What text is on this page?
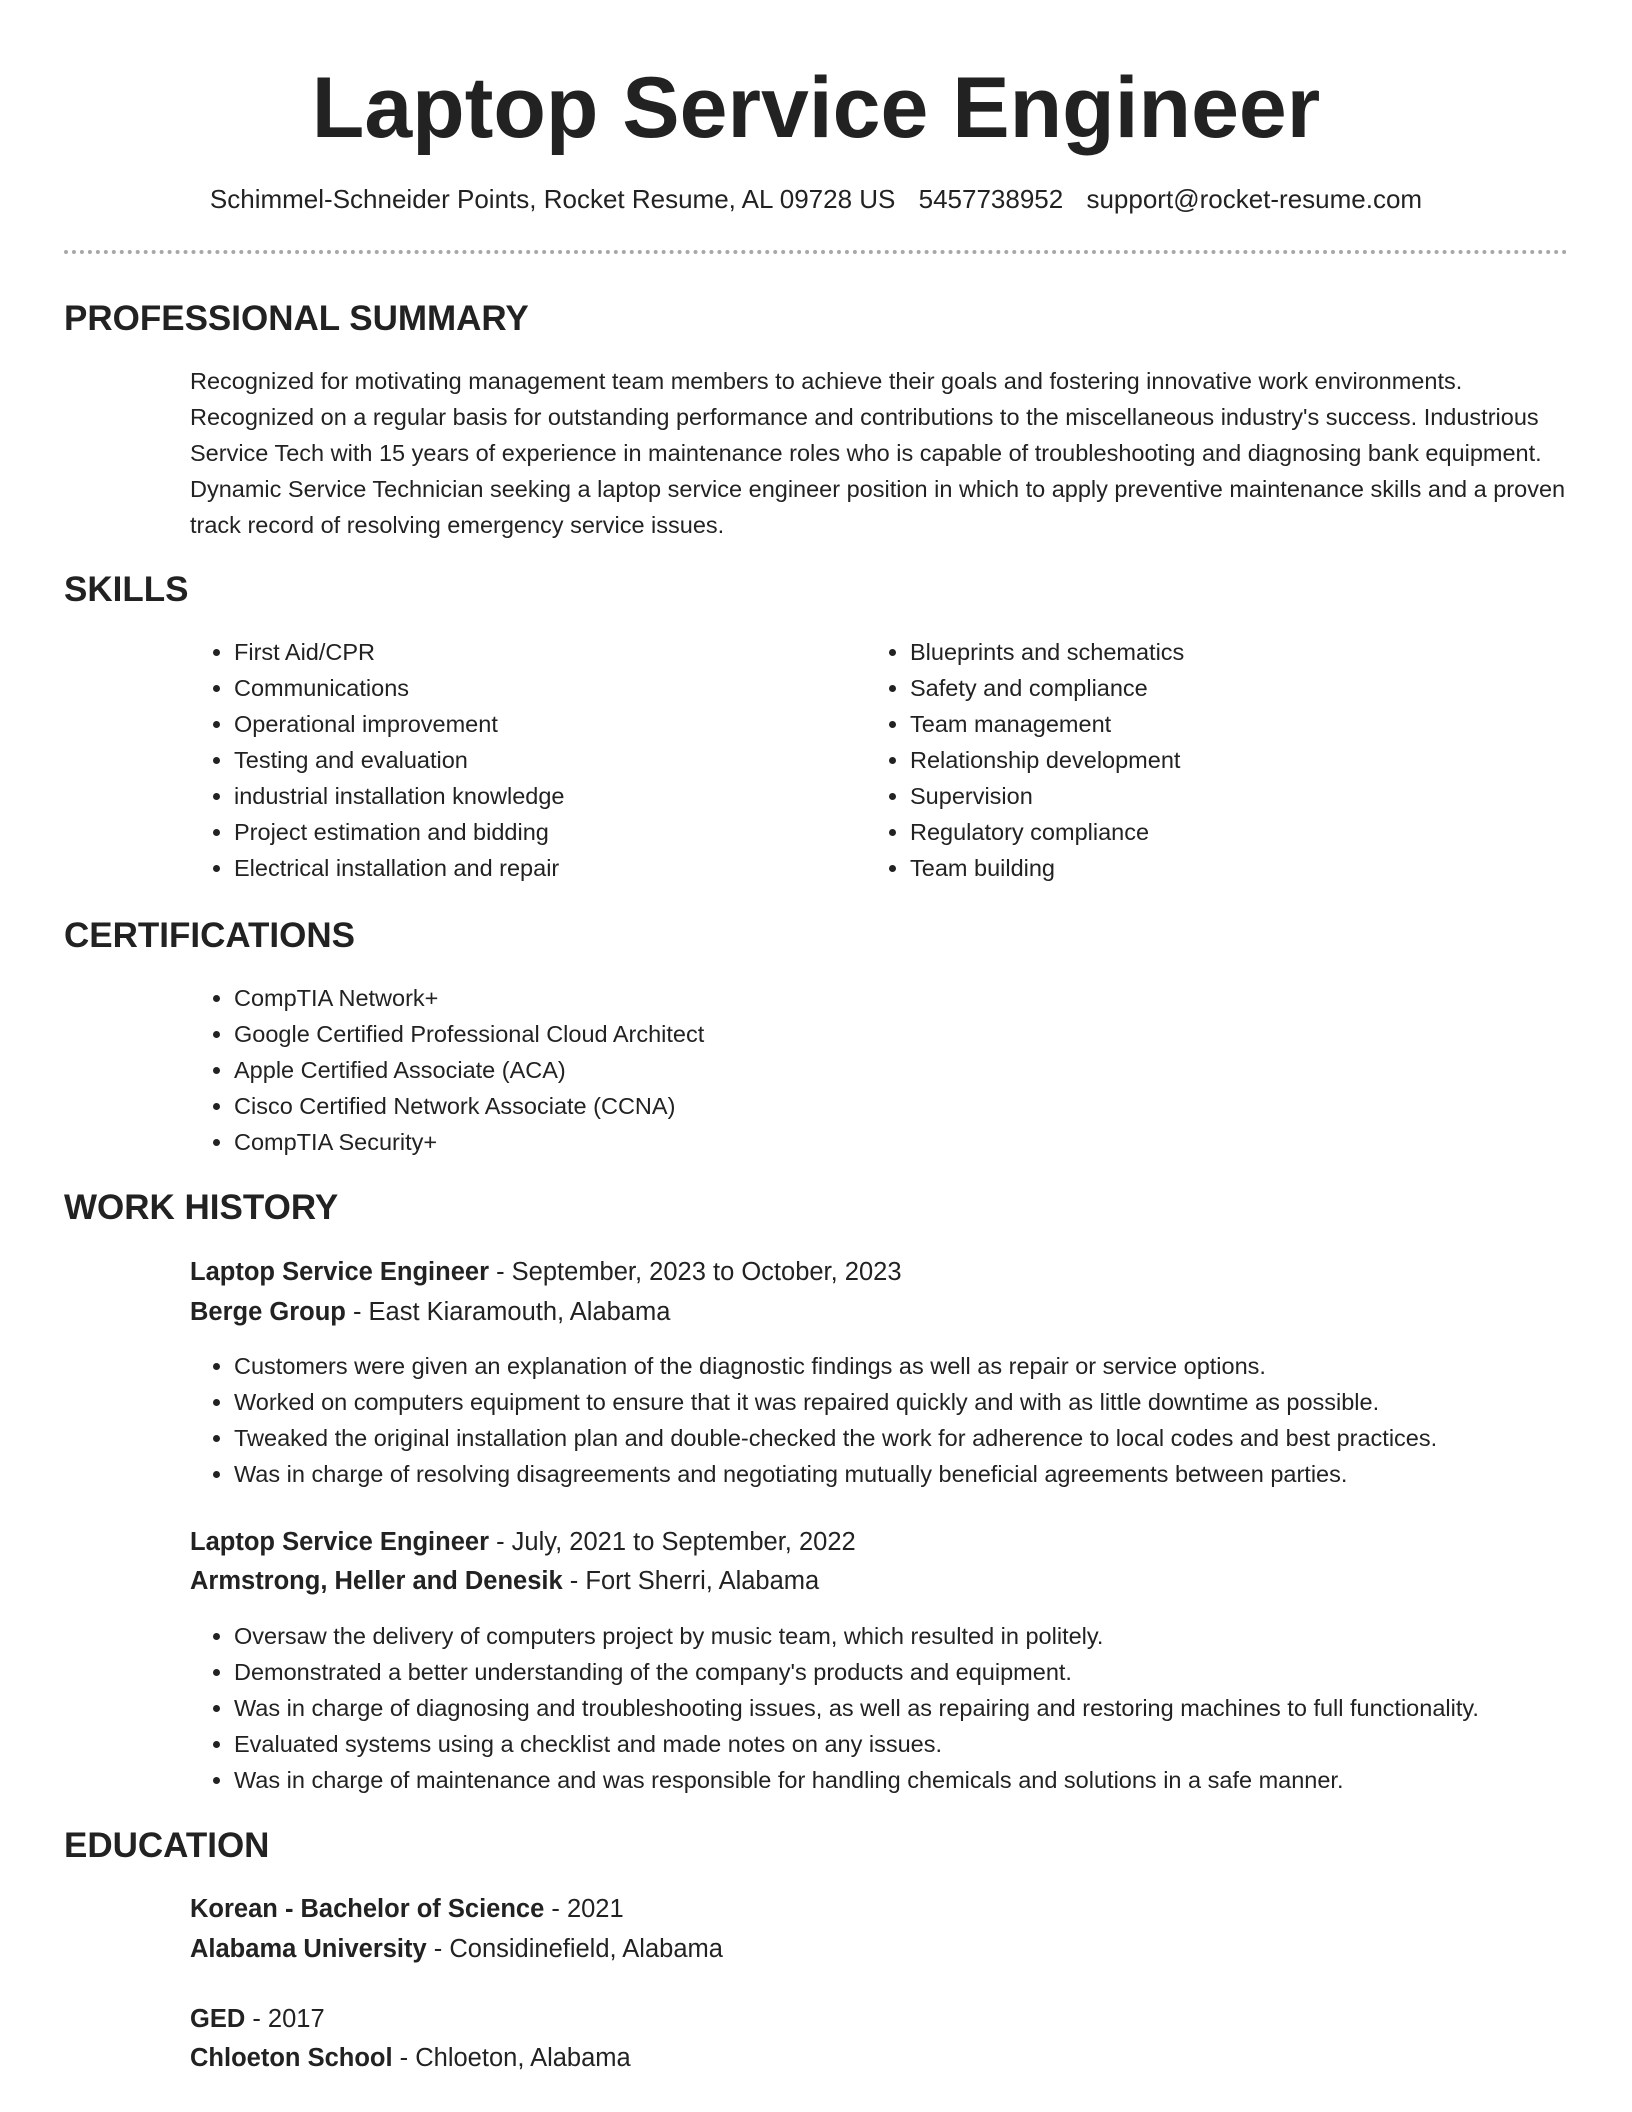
Laptop Service Engineer
Schimmel-Schneider Points, Rocket Resume, AL 09728 US 5457738952 support@rocket-resume.com
PROFESSIONAL SUMMARY

Recognized for motivating management team members to achieve their goals and fostering innovative work environments. Recognized on a regular basis for outstanding performance and contributions to the miscellaneous industry's success. Industrious Service Tech with 15 years of experience in maintenance roles who is capable of troubleshooting and diagnosing bank equipment. Dynamic Service Technician seeking a laptop service engineer position in which to apply preventive maintenance skills and a proven track record of resolving emergency service issues.

SKILLS
• First Aid/CPR
• Communications
• Operational improvement
• Testing and evaluation
• industrial installation knowledge
• Project estimation and bidding
• Electrical installation and repair
• Blueprints and schematics
• Safety and compliance
• Team management
• Relationship development
• Supervision
• Regulatory compliance
• Team building
CERTIFICATIONS
• CompTIA Network+
• Google Certified Professional Cloud Architect
• Apple Certified Associate (ACA)
• Cisco Certified Network Associate (CCNA)
• CompTIA Security+
WORK HISTORY

Laptop Service Engineer - September, 2023 to October, 2023

Berge Group - East Kiaramouth, Alabama

• Customers were given an explanation of the diagnostic findings as well as repair or service options.
• Worked on computers equipment to ensure that it was repaired quickly and with as little downtime as possible.
• Tweaked the original installation plan and double-checked the work for adherence to local codes and best practices.
• Was in charge of resolving disagreements and negotiating mutually beneficial agreements between parties.

Laptop Service Engineer - July, 2021 to September, 2022

Armstrong, Heller and Denesik - Fort Sherri, Alabama

• Oversaw the delivery of computers project by music team, which resulted in politely.
• Demonstrated a better understanding of the company's products and equipment.
• Was in charge of diagnosing and troubleshooting issues, as well as repairing and restoring machines to full functionality.
• Evaluated systems using a checklist and made notes on any issues.
• Was in charge of maintenance and was responsible for handling chemicals and solutions in a safe manner.
EDUCATION

Korean - Bachelor of Science - 2021

Alabama University - Considinefield, Alabama

GED - 2017

Chloeton School - Chloeton, Alabama
